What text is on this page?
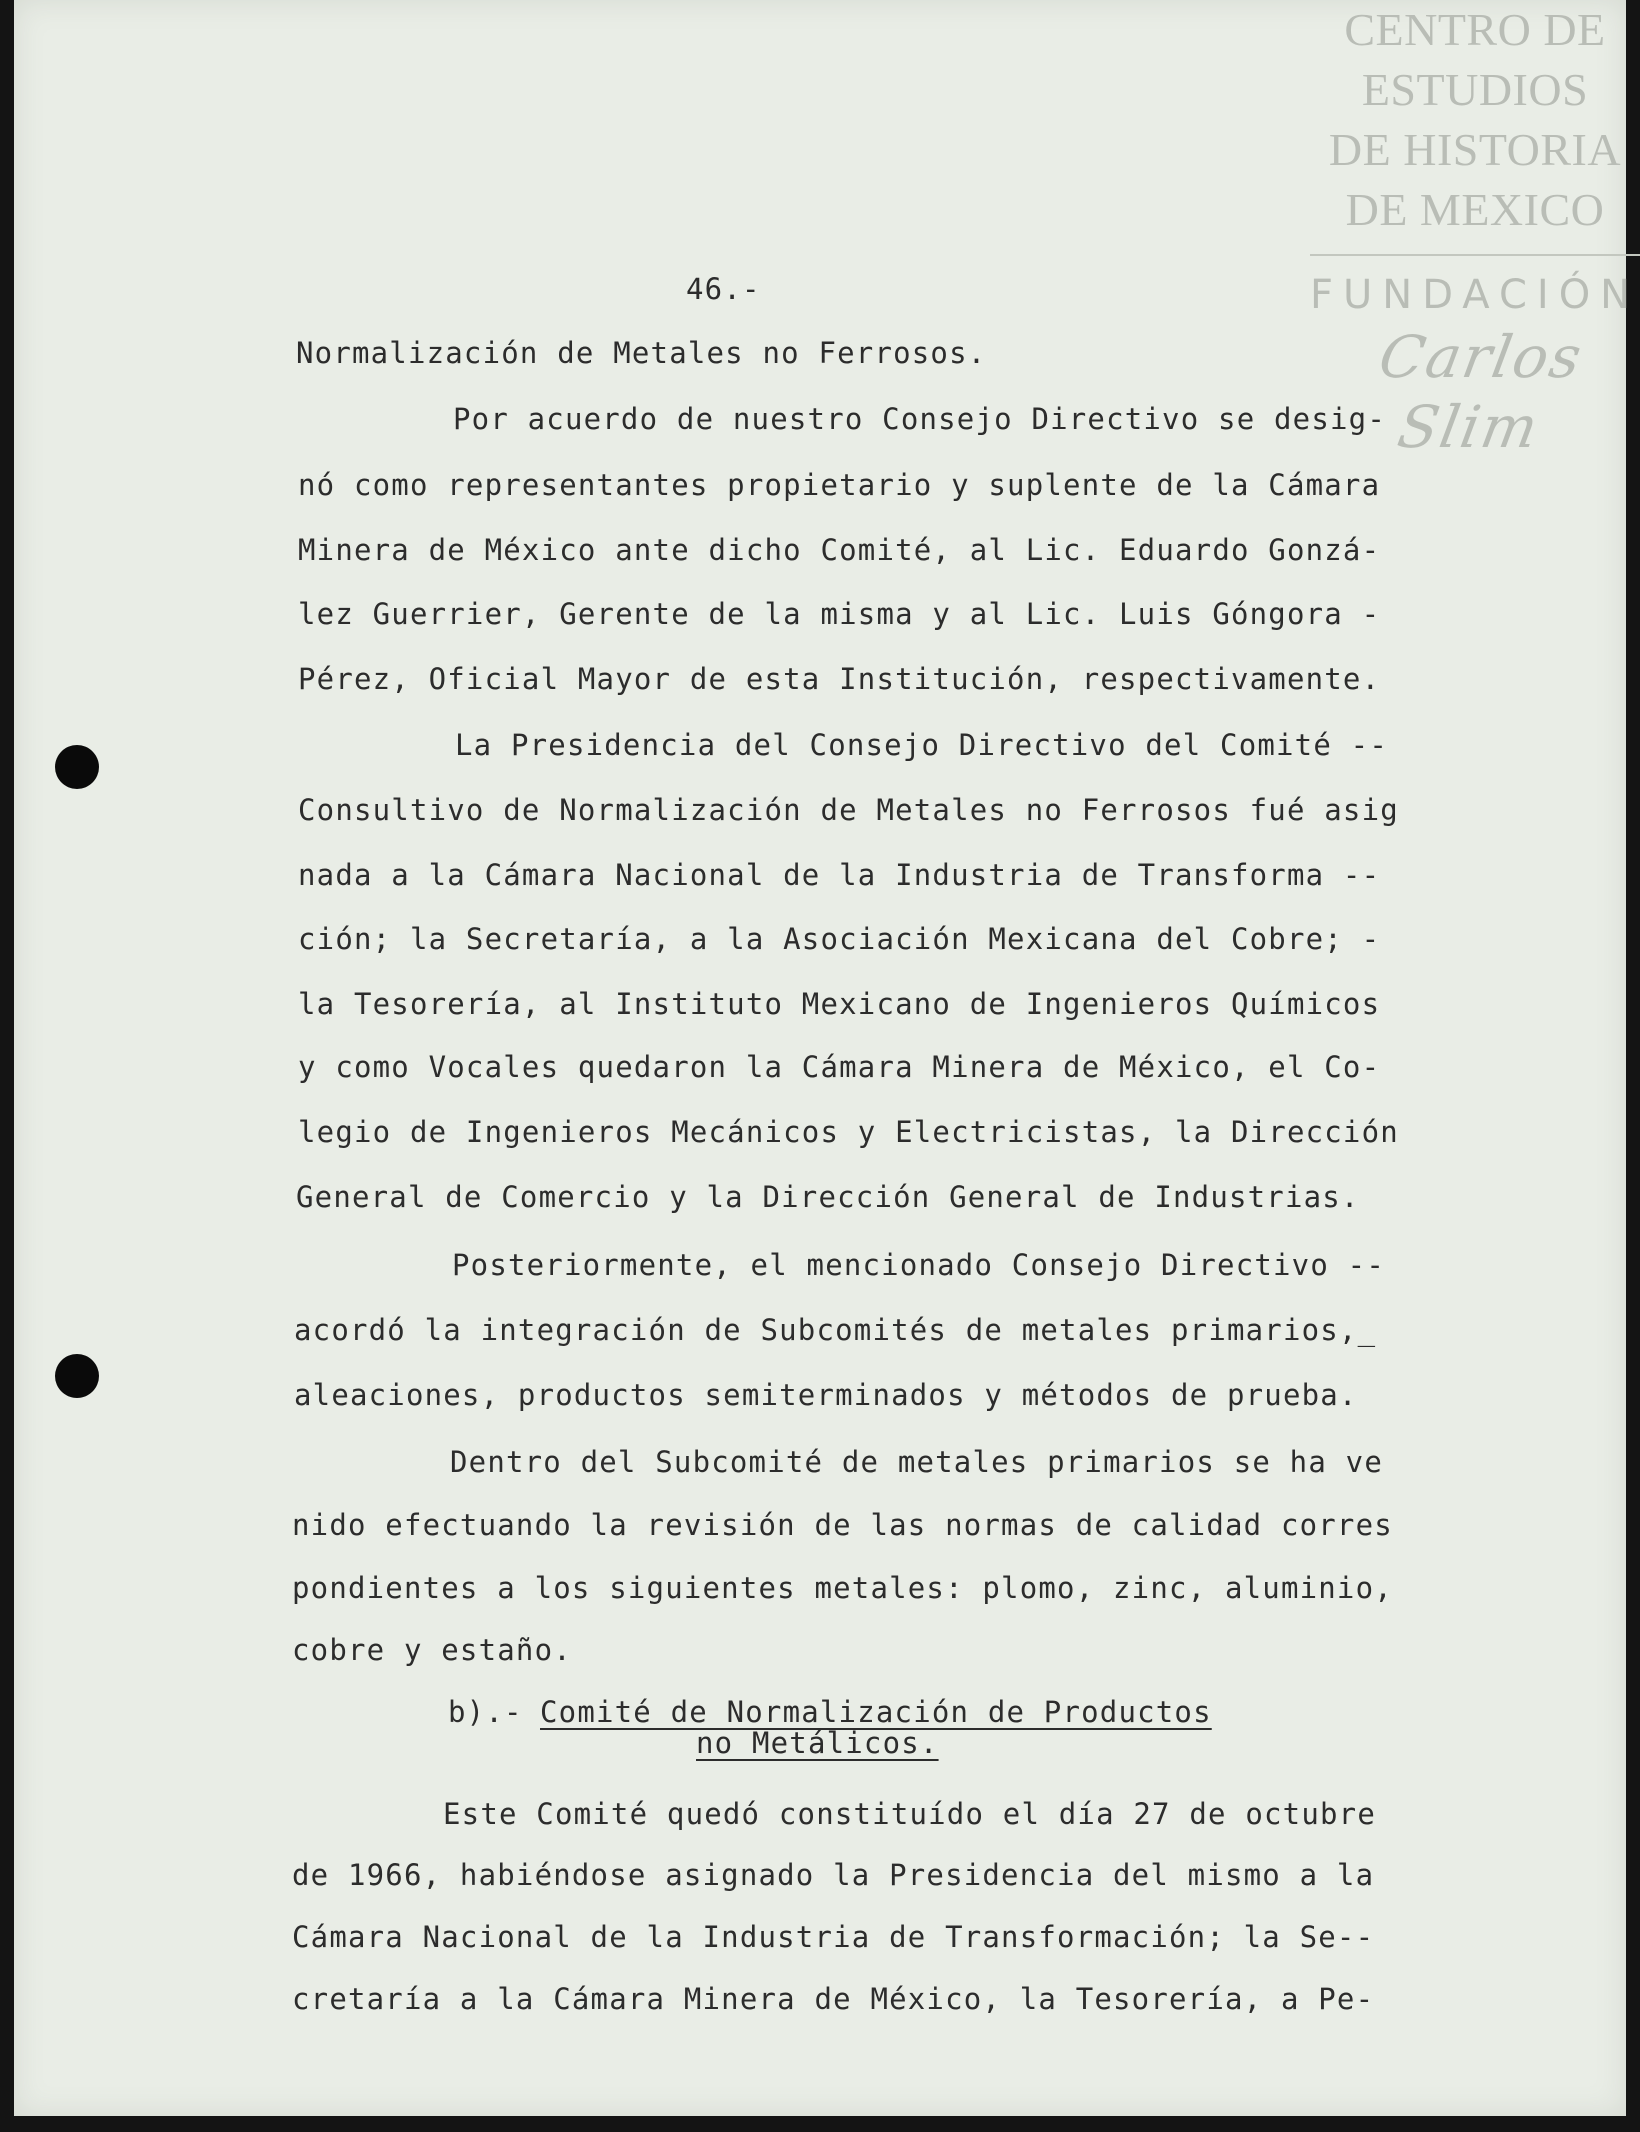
CENTRO DE
ESTUDIOS
DE HISTORIA
DE MEXICO
FUNDACIÓN
Carlos Slim
46.-
Normalización de Metales no Ferrosos.
Por acuerdo de nuestro Consejo Directivo se desig-
nó como representantes propietario y suplente de la Cámara
Minera de México ante dicho Comité, al Lic. Eduardo Gonzá-
lez Guerrier, Gerente de la misma y al Lic. Luis Góngora -
Pérez, Oficial Mayor de esta Institución, respectivamente.
La Presidencia del Consejo Directivo del Comité --
Consultivo de Normalización de Metales no Ferrosos fué asig
nada a la Cámara Nacional de la Industria de Transforma --
ción; la Secretaría, a la Asociación Mexicana del Cobre; -
la Tesorería, al Instituto Mexicano de Ingenieros Químicos
y como Vocales quedaron la Cámara Minera de México, el Co-
legio de Ingenieros Mecánicos y Electricistas, la Dirección
General de Comercio y la Dirección General de Industrias.
Posteriormente, el mencionado Consejo Directivo --
acordó la integración de Subcomités de metales primarios,_
aleaciones, productos semiterminados y métodos de prueba.
Dentro del Subcomité de metales primarios se ha ve
nido efectuando la revisión de las normas de calidad corres
pondientes a los siguientes metales: plomo, zinc, aluminio,
cobre y estaño.
b).- Comité de Normalización de Productos
no Metálicos.
Este Comité quedó constituído el día 27 de octubre
de 1966, habiéndose asignado la Presidencia del mismo a la
Cámara Nacional de la Industria de Transformación; la Se--
cretaría a la Cámara Minera de México, la Tesorería, a Pe-
